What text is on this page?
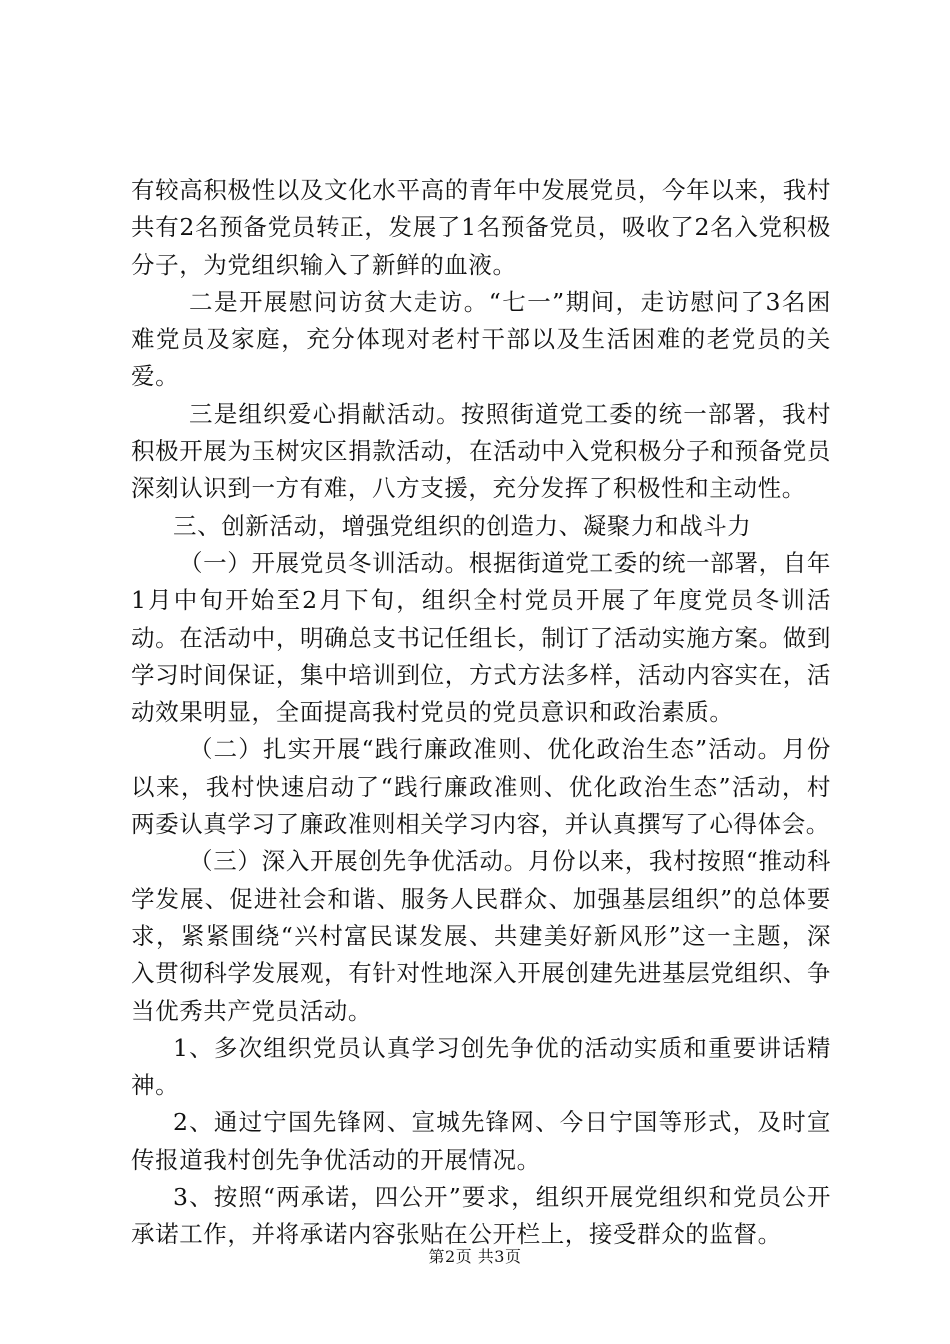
有较高积极性以及文化水平高的青年中发展党员，今年以来，我村共有2名预备党员转正，发展了1名预备党员，吸收了2名入党积极分子，为党组织输入了新鲜的血液。

二是开展慰问访贫大走访。“七一”期间，走访慰问了3名困难党员及家庭，充分体现对老村干部以及生活困难的老党员的关爱。

三是组织爱心捐献活动。按照街道党工委的统一部署，我村积极开展为玉树灾区捐款活动，在活动中入党积极分子和预备党员深刻认识到一方有难，八方支援，充分发挥了积极性和主动性。

三、创新活动，增强党组织的创造力、凝聚力和战斗力

（一）开展党员冬训活动。根据街道党工委的统一部署，自年1月中旬开始至2月下旬，组织全村党员开展了年度党员冬训活动。在活动中，明确总支书记任组长，制订了活动实施方案。做到学习时间保证，集中培训到位，方式方法多样，活动内容实在，活动效果明显，全面提高我村党员的党员意识和政治素质。

（二）扎实开展“践行廉政准则、优化政治生态”活动。月份以来，我村快速启动了“践行廉政准则、优化政治生态”活动，村两委认真学习了廉政准则相关学习内容，并认真撰写了心得体会。

（三）深入开展创先争优活动。月份以来，我村按照“推动科学发展、促进社会和谐、服务人民群众、加强基层组织”的总体要求，紧紧围绕“兴村富民谋发展、共建美好新风形”这一主题，深入贯彻科学发展观，有针对性地深入开展创建先进基层党组织、争当优秀共产党员活动。

1、多次组织党员认真学习创先争优的活动实质和重要讲话精神。

2、通过宁国先锋网、宣城先锋网、今日宁国等形式，及时宣传报道我村创先争优活动的开展情况。

3、按照“两承诺，四公开”要求，组织开展党组织和党员公开承诺工作，并将承诺内容张贴在公开栏上，接受群众的监督。

第2页 共3页
